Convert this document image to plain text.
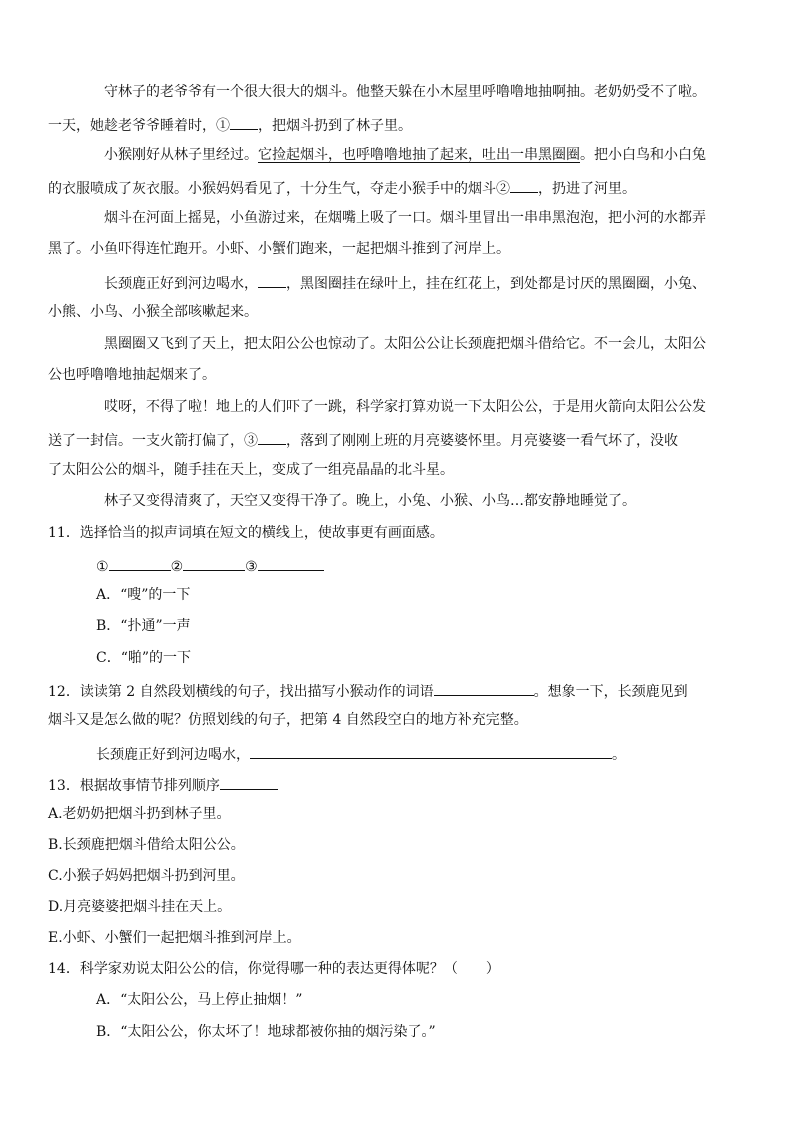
守林子的老爷爷有一个很大很大的烟斗。他整天躲在小木屋里呼噜噜地抽啊抽。老奶奶受不了啦。
一天，她趁老爷爷睡着时，① ，把烟斗扔到了林子里。
小猴刚好从林子里经过。它捡起烟斗，也呼噜噜地抽了起来，吐出一串黑圈圈。把小白鸟和小白兔
的衣服喷成了灰衣服。小猴妈妈看见了，十分生气，夺走小猴手中的烟斗② ，扔进了河里。
烟斗在河面上摇晃，小鱼游过来，在烟嘴上吸了一口。烟斗里冒出一串串黑泡泡，把小河的水都弄
黑了。小鱼吓得连忙跑开。小虾、小蟹们跑来，一起把烟斗推到了河岸上。
长颈鹿正好到河边喝水， ，黑图圈挂在绿叶上，挂在红花上，到处都是讨厌的黑圈圈，小兔、
小熊、小鸟、小猴全部咳嗽起来。
黑圈圈又飞到了天上，把太阳公公也惊动了。太阳公公让长颈鹿把烟斗借给它。不一会儿，太阳公
公也呼噜噜地抽起烟来了。
哎呀，不得了啦！地上的人们吓了一跳，科学家打算劝说一下太阳公公，于是用火箭向太阳公公发
送了一封信。一支火箭打偏了，③ ，落到了刚刚上班的月亮婆婆怀里。月亮婆婆一看气坏了，没收
了太阳公公的烟斗，随手挂在天上，变成了一组亮晶晶的北斗星。
林子又变得清爽了，天空又变得干净了。晚上，小兔、小猴、小鸟…都安静地睡觉了。
11．选择恰当的拟声词填在短文的横线上，使故事更有画面感。
①	②	③
A．“嗖”的一下
B．“扑通”一声
C．“啪”的一下
12．读读第 2 自然段划横线的句子，找出描写小猴动作的词语	。想象一下，长颈鹿见到
烟斗又是怎么做的呢？仿照划线的句子，把第 4 自然段空白的地方补充完整。
长颈鹿正好到河边喝水，	。
13．根据故事情节排列顺序
A.老奶奶把烟斗扔到林子里。
B.长颈鹿把烟斗借给太阳公公。
C.小猴子妈妈把烟斗扔到河里。
D.月亮婆婆把烟斗挂在天上。
E.小虾、小蟹们一起把烟斗推到河岸上。
14．科学家劝说太阳公公的信，你觉得哪一种的表达更得体呢？（　　）
A．“太阳公公，马上停止抽烟！”
B．“太阳公公，你太坏了！地球都被你抽的烟污染了。”
